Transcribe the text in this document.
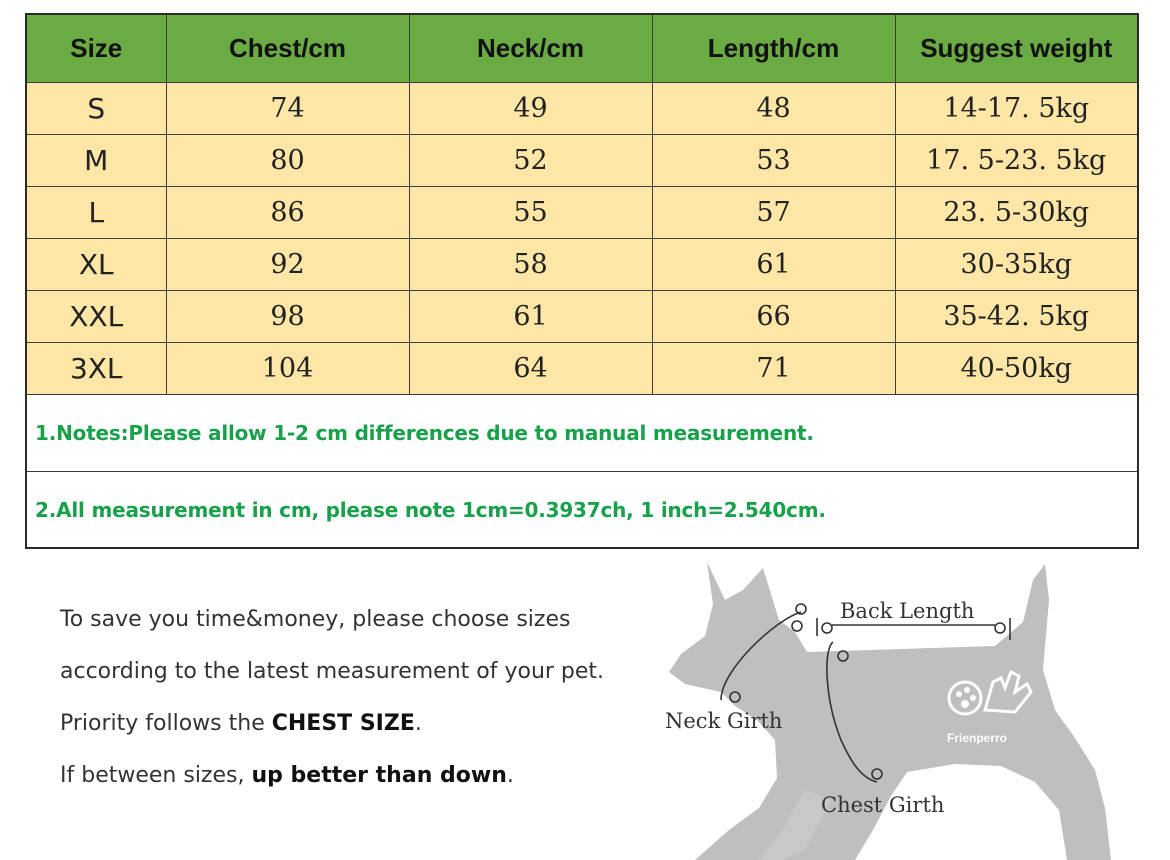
Size	Chest/cm	Neck/cm	Length/cm	Suggest weight
S	74	49	48	14-17. 5kg
M	80	52	53	17. 5-23. 5kg
L	86	55	57	23. 5-30kg
XL	92	58	61	30-35kg
XXL	98	61	66	35-42. 5kg
3XL	104	64	71	40-50kg
1.Notes:Please allow 1-2 cm differences due to manual measurement.
2.All measurement in cm, please note 1cm=0.3937ch, 1 inch=2.540cm.

To save you time&money, please choose sizes

according to the latest measurement of your pet.

Priority follows the CHEST SIZE.

If between sizes, up better than down.

Frienperro
Back Length
Neck Girth
Chest Girth
